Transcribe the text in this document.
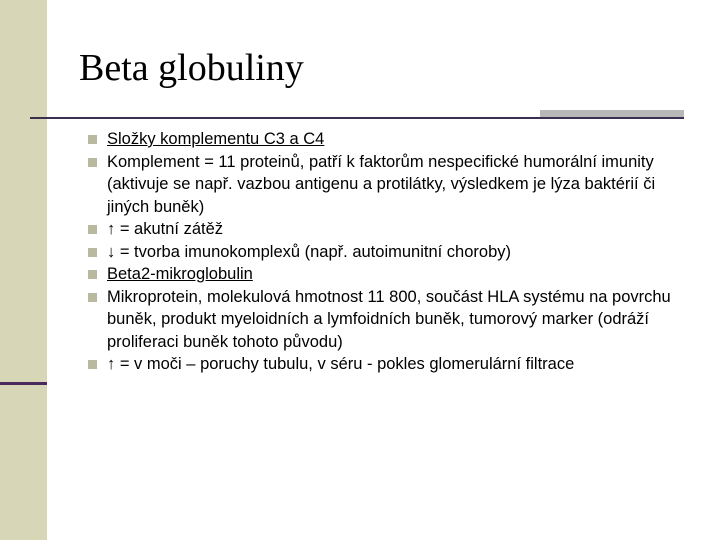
Beta globuliny
Složky komplementu C3 a C4
Komplement = 11 proteinů, patří k faktorům nespecifické humorální imunity (aktivuje se např. vazbou antigenu a protilátky, výsledkem je lýza baktérií či jiných buněk)
↑ = akutní zátěž
↓ = tvorba imunokomplexů (např. autoimunitní choroby)
Beta2-mikroglobulin
Mikroprotein, molekulová hmotnost 11 800, součást HLA systému na povrchu buněk, produkt myeloidních a lymfoidních buněk, tumorový marker (odráží proliferaci buněk tohoto původu)
↑ = v moči – poruchy tubulu, v séru - pokles glomerulární filtrace
